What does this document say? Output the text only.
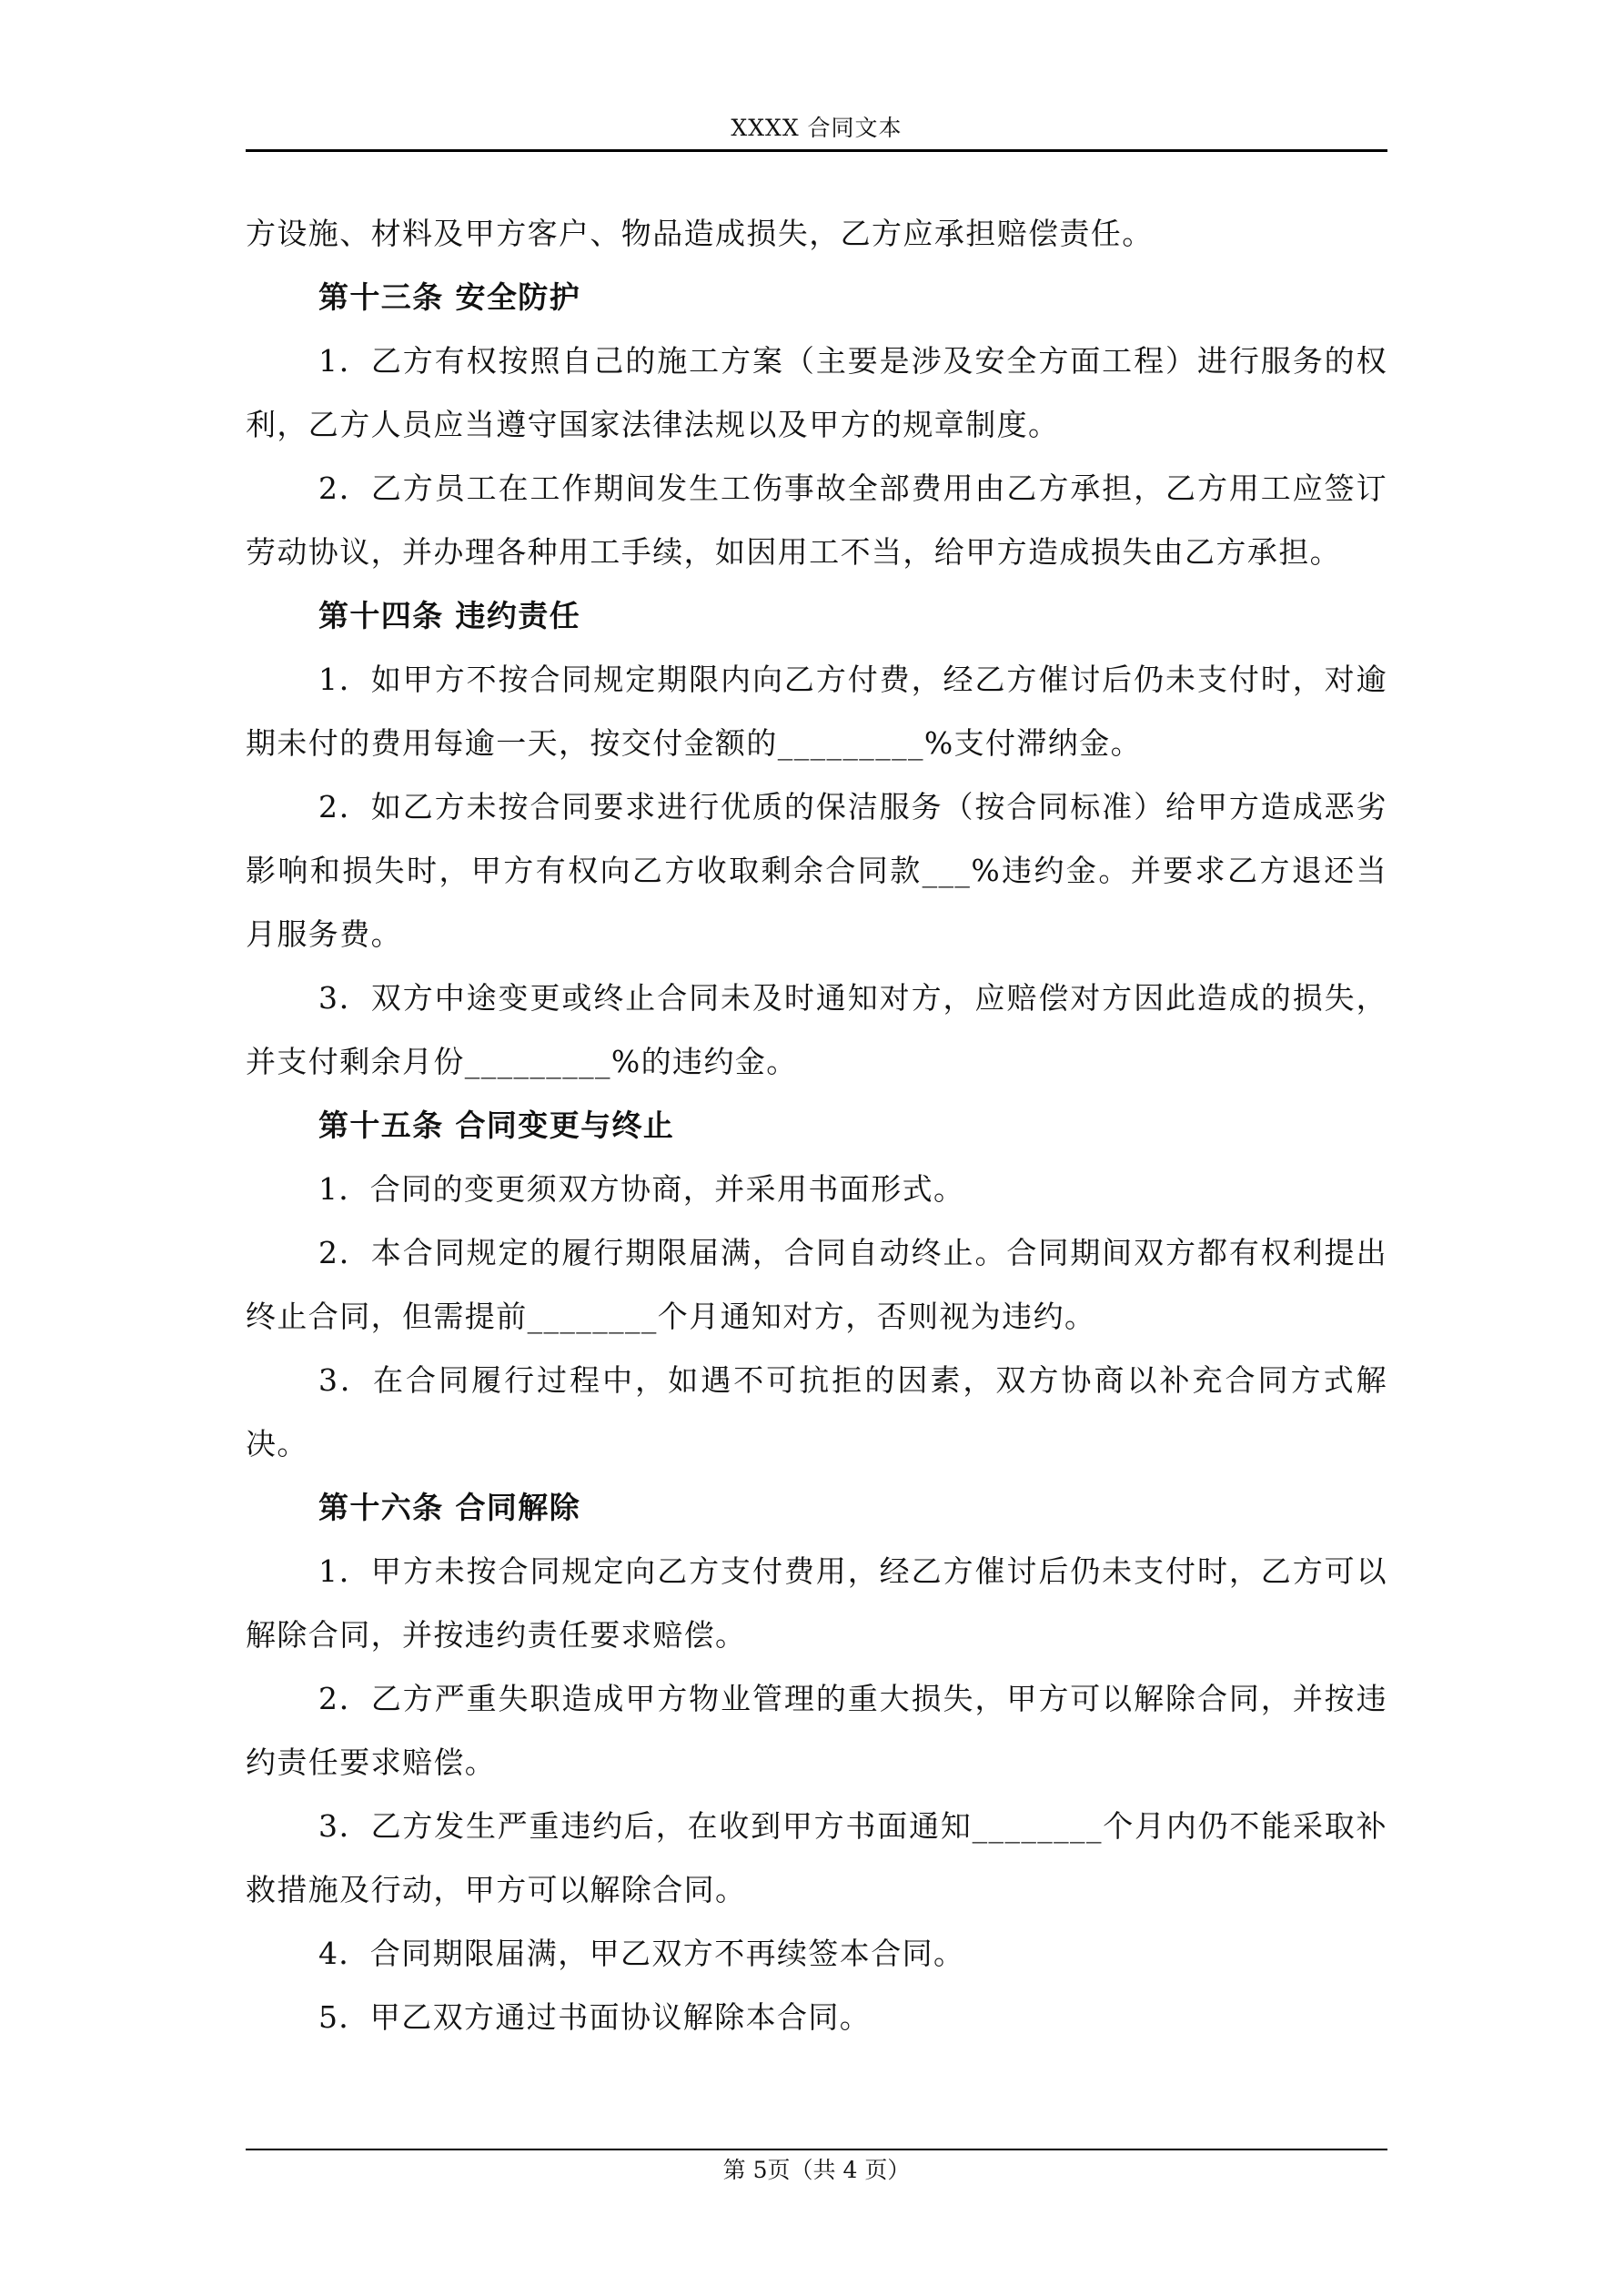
XXXX 合同文本

方设施、材料及甲方客户、物品造成损失，乙方应承担赔偿责任。

第十三条 安全防护

1．乙方有权按照自己的施工方案（主要是涉及安全方面工程）进行服务的权利，乙方人员应当遵守国家法律法规以及甲方的规章制度。

2．乙方员工在工作期间发生工伤事故全部费用由乙方承担，乙方用工应签订劳动协议，并办理各种用工手续，如因用工不当，给甲方造成损失由乙方承担。

第十四条 违约责任

1．如甲方不按合同规定期限内向乙方付费，经乙方催讨后仍未支付时，对逾期未付的费用每逾一天，按交付金额的_________%支付滞纳金。

2．如乙方未按合同要求进行优质的保洁服务（按合同标准）给甲方造成恶劣影响和损失时，甲方有权向乙方收取剩余合同款___%违约金。并要求乙方退还当月服务费。

3．双方中途变更或终止合同未及时通知对方，应赔偿对方因此造成的损失，并支付剩余月份_________%的违约金。

第十五条 合同变更与终止

1．合同的变更须双方协商，并采用书面形式。

2．本合同规定的履行期限届满，合同自动终止。合同期间双方都有权利提出终止合同，但需提前________个月通知对方，否则视为违约。

3．在合同履行过程中，如遇不可抗拒的因素，双方协商以补充合同方式解决。

第十六条 合同解除

1．甲方未按合同规定向乙方支付费用，经乙方催讨后仍未支付时，乙方可以解除合同，并按违约责任要求赔偿。

2．乙方严重失职造成甲方物业管理的重大损失，甲方可以解除合同，并按违约责任要求赔偿。

3．乙方发生严重违约后，在收到甲方书面通知________个月内仍不能采取补救措施及行动，甲方可以解除合同。

4．合同期限届满，甲乙双方不再续签本合同。

5．甲乙双方通过书面协议解除本合同。

第 5页（共 4 页）
